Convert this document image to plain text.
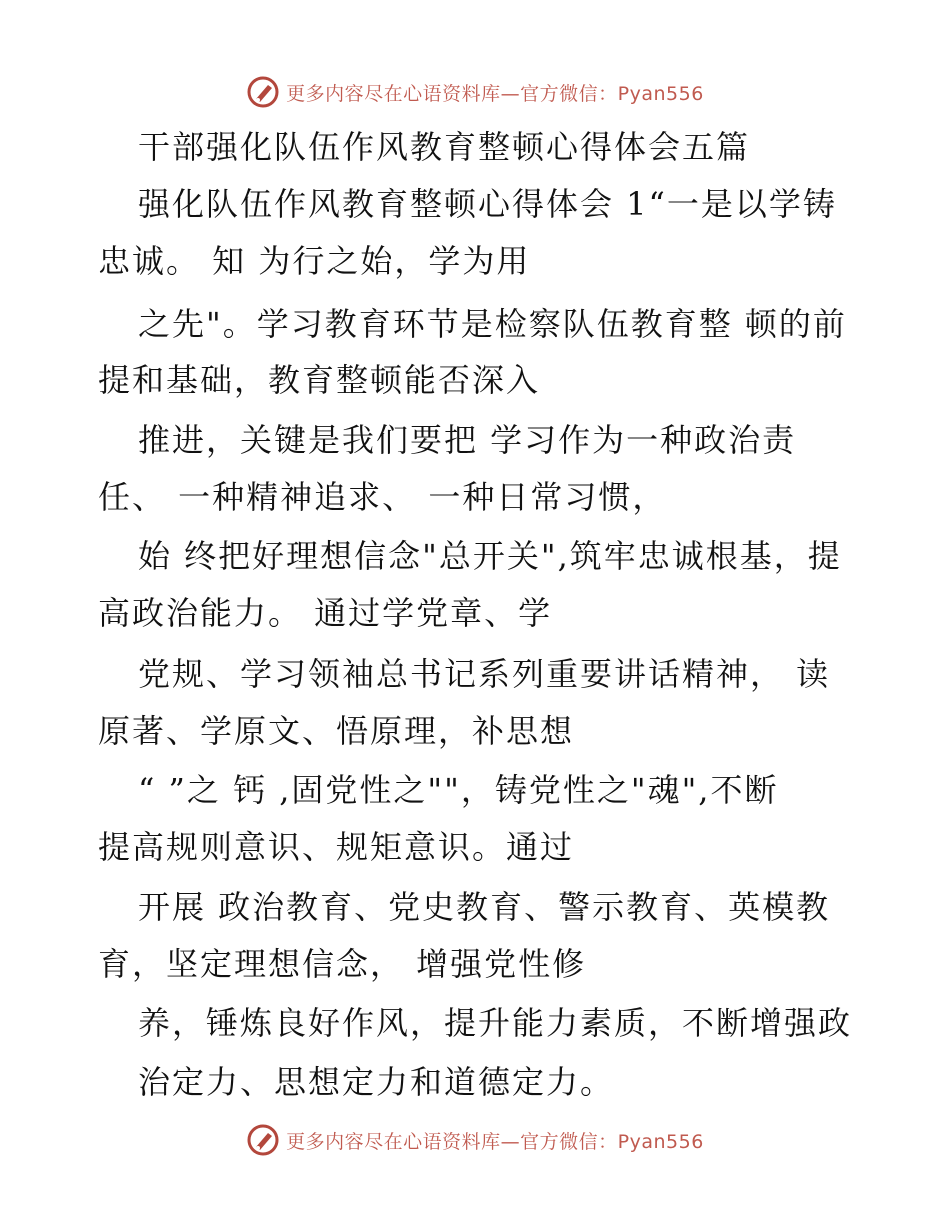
更多内容尽在心语资料库—官方微信：Pyan556
干部强化队伍作风教育整顿心得体会五篇
强化队伍作风教育整顿心得体会 1“一是以学铸
忠诚。 知 为行之始，学为用
之先"。学习教育环节是检察队伍教育整 顿的前
提和基础，教育整顿能否深入
推进，关键是我们要把 学习作为一种政治责
任、 一种精神追求、 一种日常习惯，
始 终把好理想信念"总开关",筑牢忠诚根基，提
高政治能力。 通过学党章、学
党规、学习领袖总书记系列重要讲话精神， 读
原著、学原文、悟原理，补思想
“ ”之 钙 ,固党性之""，铸党性之"魂",不断
提高规则意识、规矩意识。通过
开展 政治教育、党史教育、警示教育、英模教
育，坚定理想信念， 增强党性修
养，锤炼良好作风，提升能力素质，不断增强政
治定力、思想定力和道德定力。
更多内容尽在心语资料库—官方微信：Pyan556
